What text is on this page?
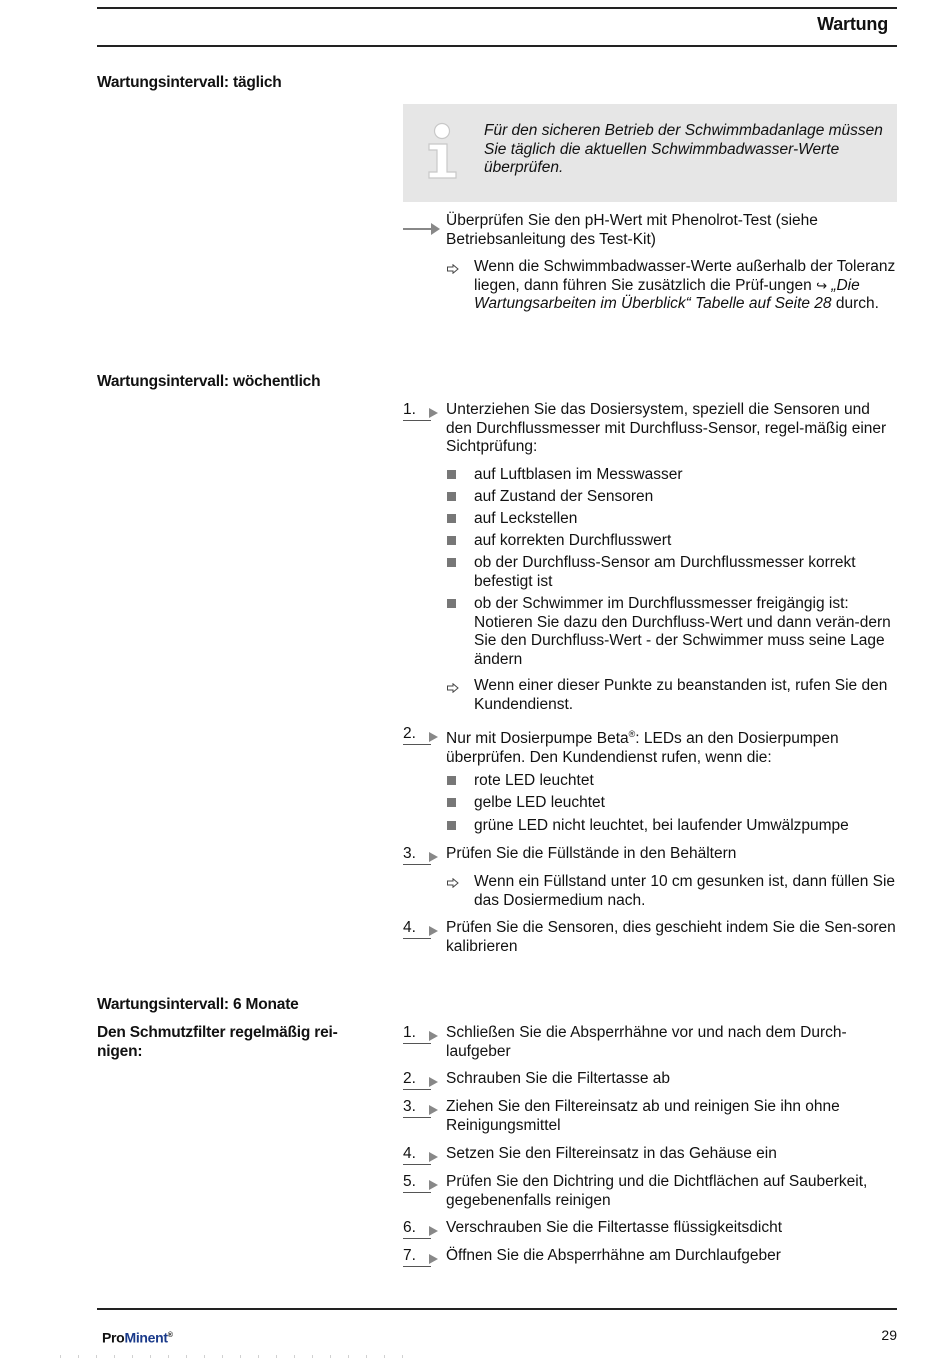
Wartung
Wartungsintervall: täglich
Für den sicheren Betrieb der Schwimmbadanlage müssen Sie täglich die aktuellen Schwimmbadwasser-Werte überprüfen.
Überprüfen Sie den pH-Wert mit Phenolrot-Test (siehe Betriebsanleitung des Test-Kit)
Wenn die Schwimmbadwasser-Werte außerhalb der Toleranz liegen, dann führen Sie zusätzlich die Prüf-ungen ↪ „Die Wartungsarbeiten im Überblick“ Tabelle auf Seite 28 durch.
Wartungsintervall: wöchentlich
1. Unterziehen Sie das Dosiersystem, speziell die Sensoren und den Durchflussmesser mit Durchfluss-Sensor, regel-mäßig einer Sichtprüfung:
auf Luftblasen im Messwasser
auf Zustand der Sensoren
auf Leckstellen
auf korrekten Durchflusswert
ob der Durchfluss-Sensor am Durchflussmesser korrekt befestigt ist
ob der Schwimmer im Durchflussmesser freigängig ist: Notieren Sie dazu den Durchfluss-Wert und dann verän-dern Sie den Durchfluss-Wert - der Schwimmer muss seine Lage ändern
Wenn einer dieser Punkte zu beanstanden ist, rufen Sie den Kundendienst.
2. Nur mit Dosierpumpe Beta®: LEDs an den Dosierpumpen überprüfen. Den Kundendienst rufen, wenn die:
rote LED leuchtet
gelbe LED leuchtet
grüne LED nicht leuchtet, bei laufender Umwälzpumpe
3. Prüfen Sie die Füllstände in den Behältern
Wenn ein Füllstand unter 10 cm gesunken ist, dann füllen Sie das Dosiermedium nach.
4. Prüfen Sie die Sensoren, dies geschieht indem Sie die Sen-soren kalibrieren
Wartungsintervall: 6 Monate
Den Schmutzfilter regelmäßig rei-nigen:
1. Schließen Sie die Absperrhähne vor und nach dem Durch-laufgeber
2. Schrauben Sie die Filtertasse ab
3. Ziehen Sie den Filtereinsatz ab und reinigen Sie ihn ohne Reinigungsmittel
4. Setzen Sie den Filtereinsatz in das Gehäuse ein
5. Prüfen Sie den Dichtring und die Dichtflächen auf Sauberkeit, gegebenenfalls reinigen
6. Verschrauben Sie die Filtertasse flüssigkeitsdicht
7. Öffnen Sie die Absperrhähne am Durchlaufgeber
ProMinent®	29
